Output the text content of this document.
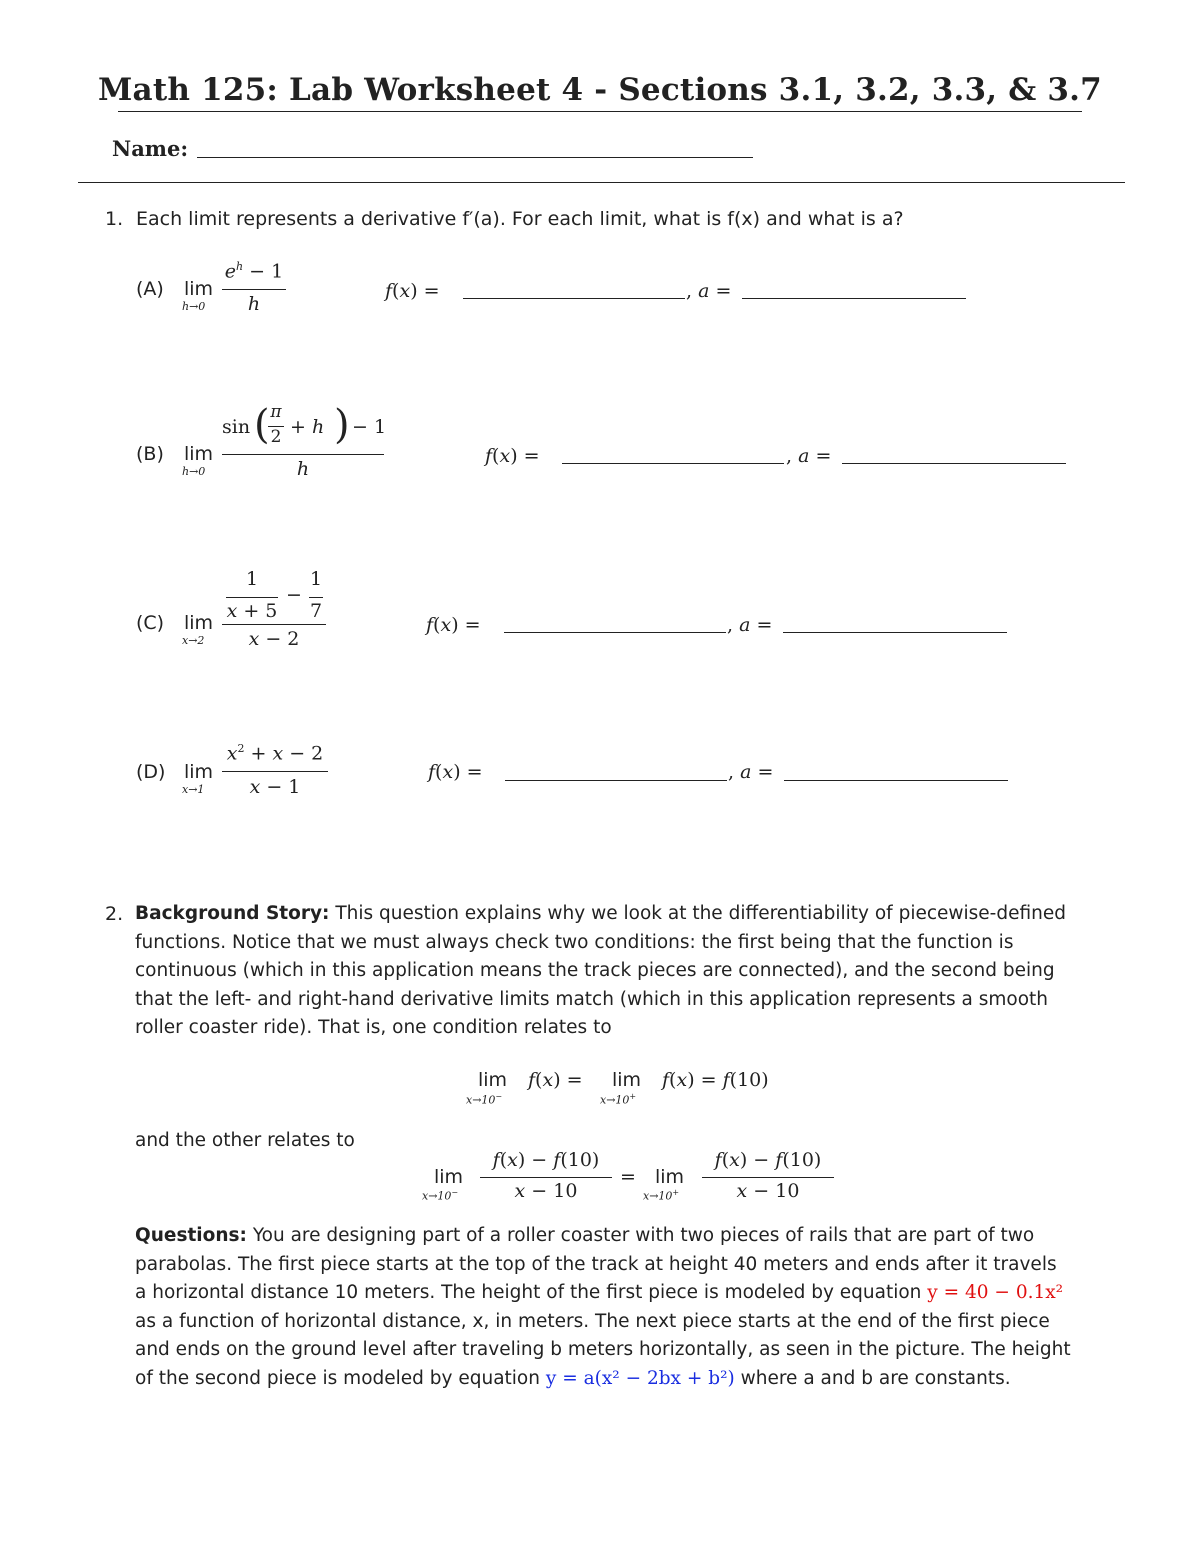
Math 125: Lab Worksheet 4 - Sections 3.1, 3.2, 3.3, & 3.7
Name:
1. Each limit represents a derivative f′(a). For each limit, what is f(x) and what is a?
(A) lim
h→0
$e^h - 1$
h
f(x) =	, a =
(B) lim
h→0
sin ( π
2 + h ) − 1
h
f(x) =	, a =
(C) lim
x→2
1
x + 5
−
1
7
x − 2
f(x) =	, a =
(D) lim
x→1
$x^2 + x - 2$
x − 1
f(x) =	, a =
2. Background Story: This question explains why we look at the differentiability of piecewise-defined
functions. Notice that we must always check two conditions: the first being that the function is
continuous (which in this application means the track pieces are connected), and the second being
that the left- and right-hand derivative limits match (which in this application represents a smooth
roller coaster ride). That is, one condition relates to
lim
x→10−
f(x) = lim
x→10+
f(x) = f(10)
and the other relates to
lim
x→10−
f(x) − f(10)
x − 10
= lim
x→10+
f(x) − f(10)
x − 10
Questions: You are designing part of a roller coaster with two pieces of rails that are part of two
parabolas. The first piece starts at the top of the track at height 40 meters and ends after it travels
a horizontal distance 10 meters. The height of the first piece is modeled by equation y = 40 − 0.1x²
as a function of horizontal distance, x, in meters. The next piece starts at the end of the first piece
and ends on the ground level after traveling b meters horizontally, as seen in the picture. The height
of the second piece is modeled by equation y = a(x² − 2bx + b²) where a and b are constants.
